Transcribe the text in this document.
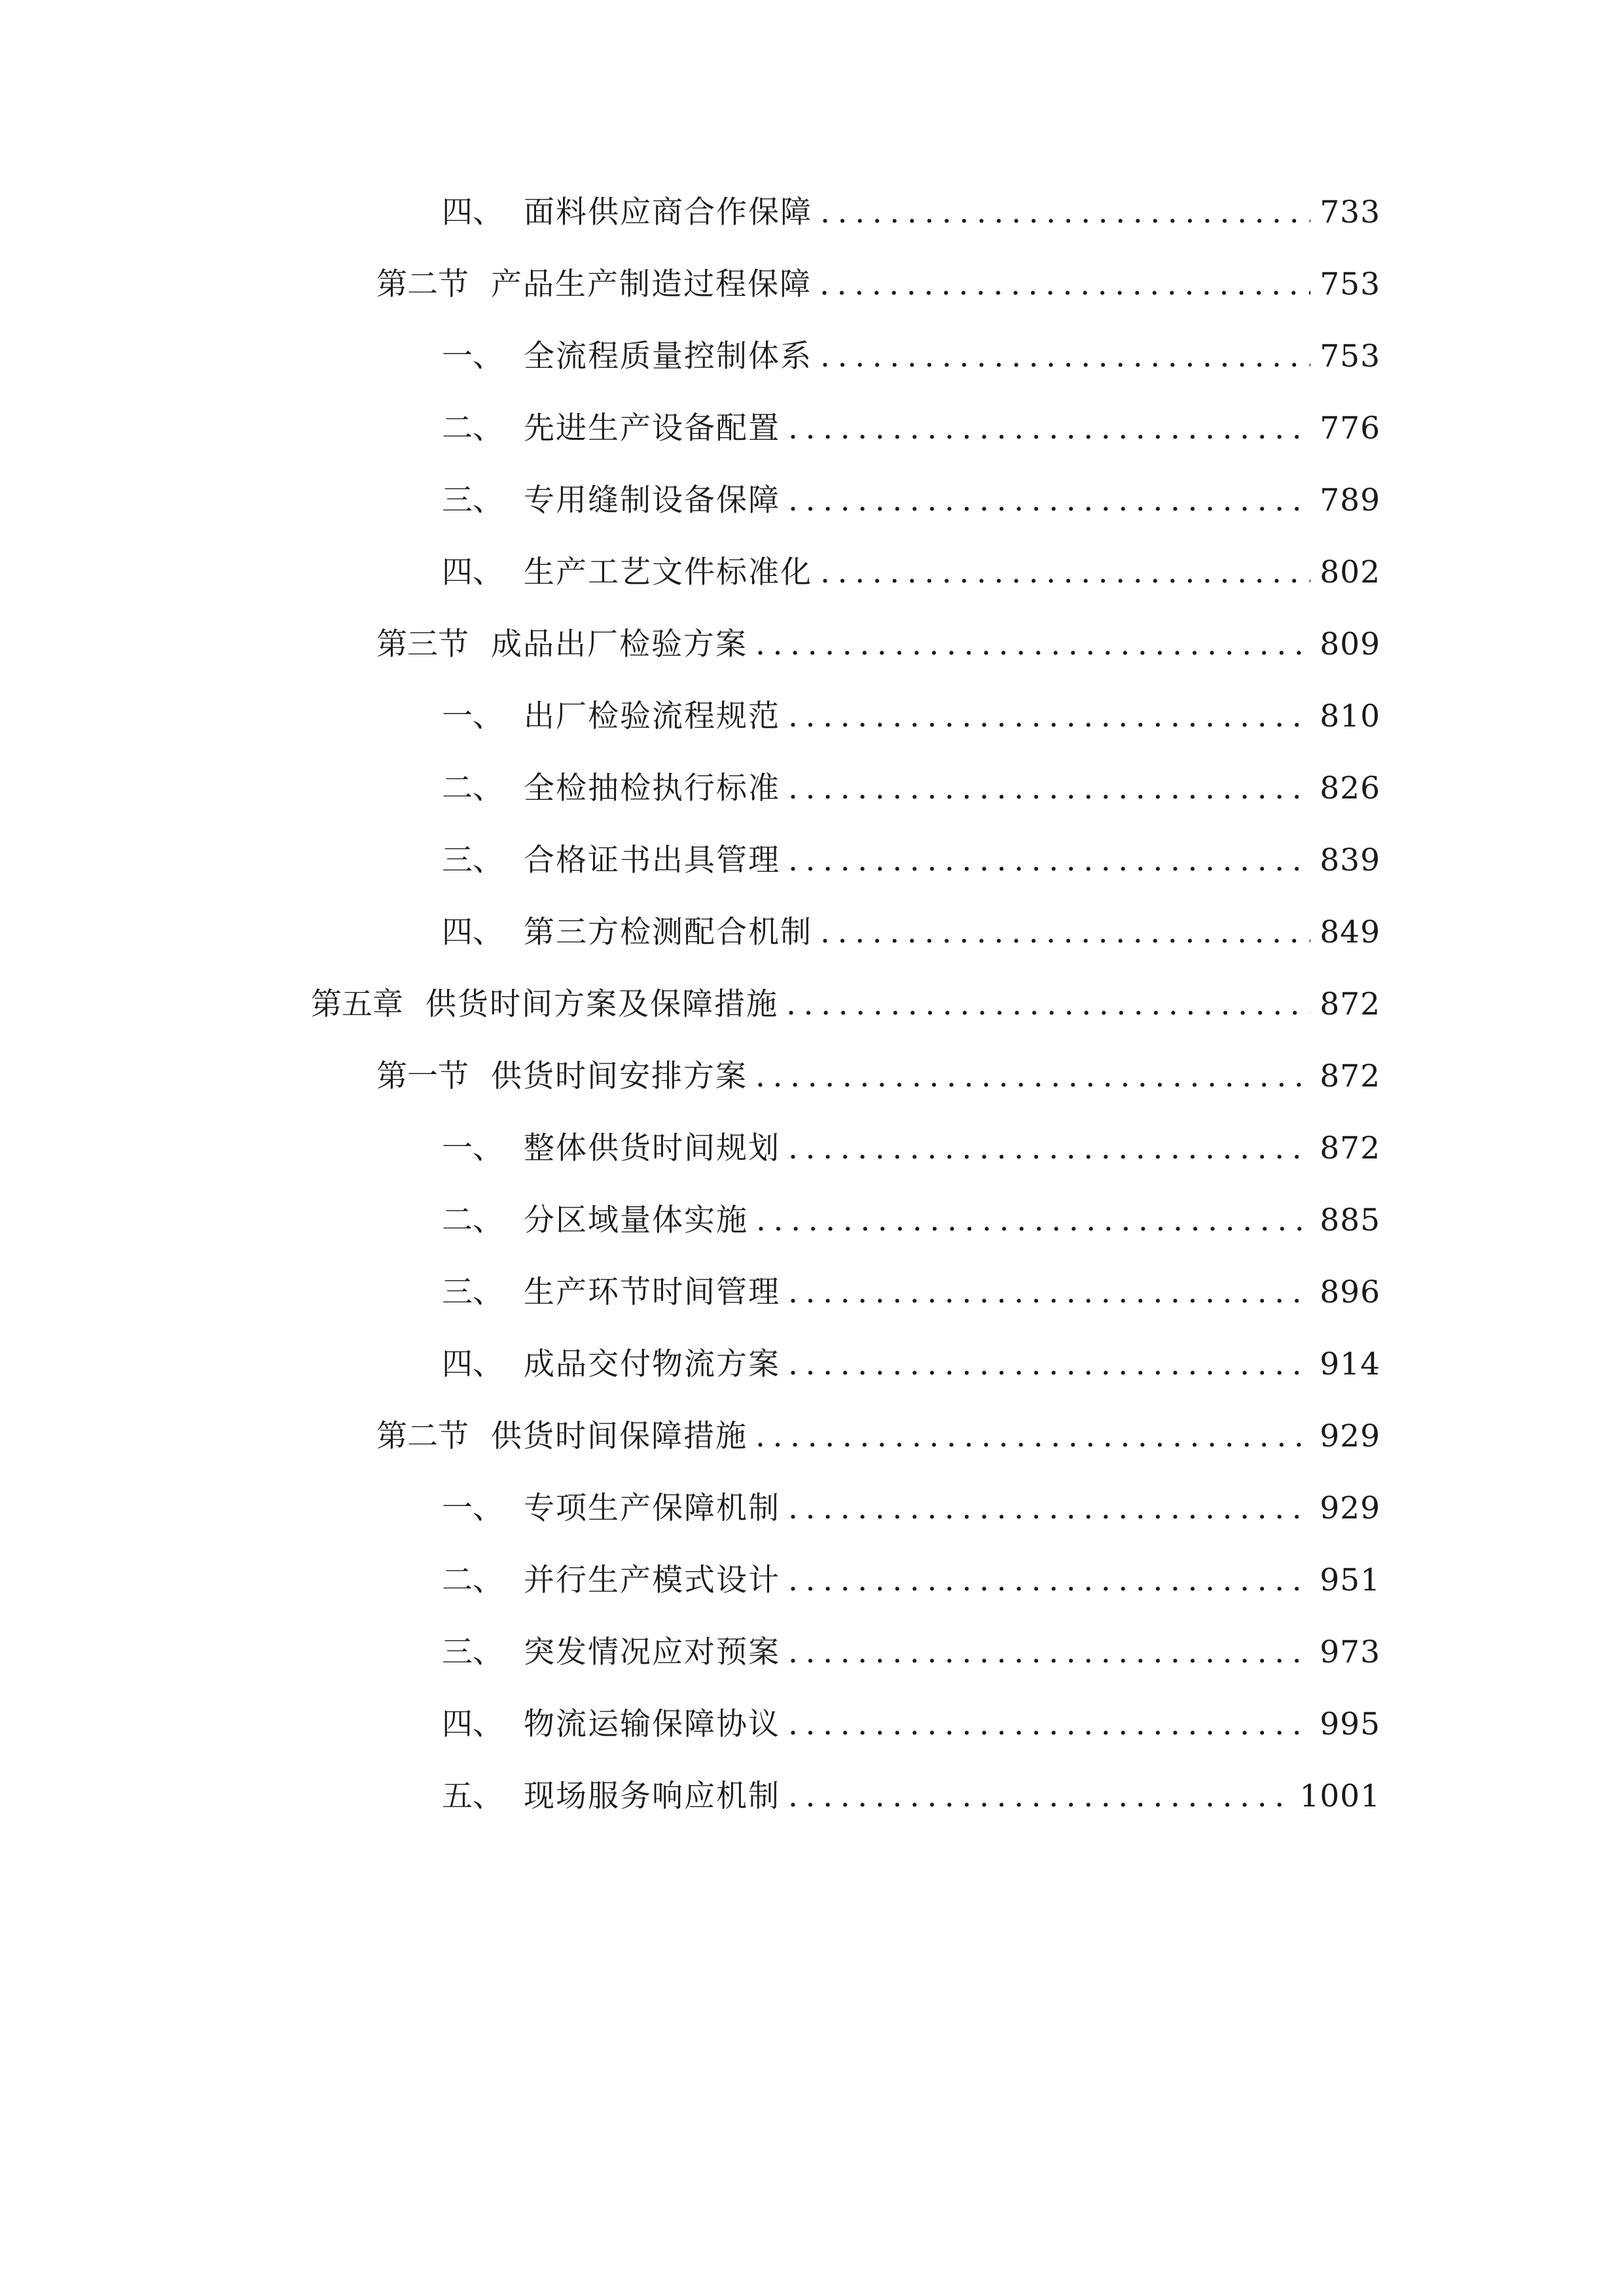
四、 面料供应商合作保障 .....	733
第二节 产品生产制造过程保障 .....	753
一、 全流程质量控制体系 .....	753
二、 先进生产设备配置 .....	776
三、 专用缝制设备保障 .....	789
四、 生产工艺文件标准化 .....	802
第三节 成品出厂检验方案 .....	809
一、 出厂检验流程规范 .....	810
二、 全检抽检执行标准 .....	826
三、 合格证书出具管理 .....	839
四、 第三方检测配合机制 .....	849
第五章 供货时间方案及保障措施 .....	872
第一节 供货时间安排方案 .....	872
一、 整体供货时间规划 .....	872
二、 分区域量体实施 .....	885
三、 生产环节时间管理 .....	896
四、 成品交付物流方案 .....	914
第二节 供货时间保障措施 .....	929
一、 专项生产保障机制 .....	929
二、 并行生产模式设计 .....	951
三、 突发情况应对预案 .....	973
四、 物流运输保障协议 .....	995
五、 现场服务响应机制 .....	1001
